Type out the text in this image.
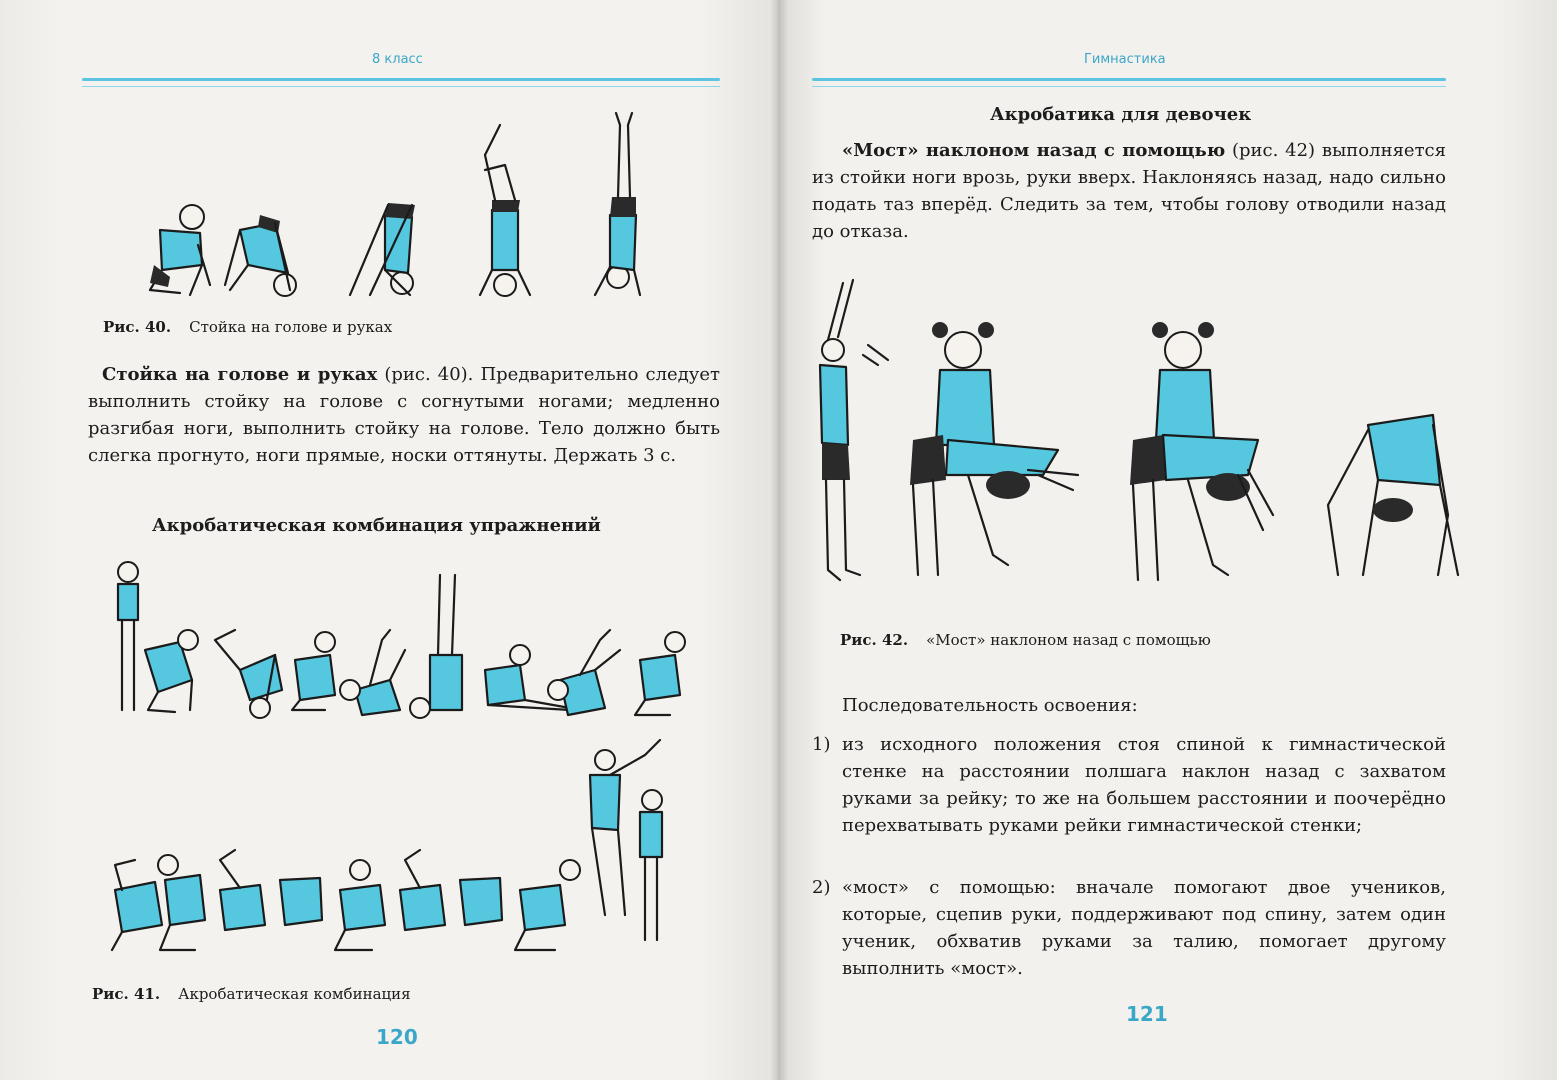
8 класс
Рис. 40. Стойка на голове и руках
Стойка на голове и руках (рис. 40). Предварительно следует выполнить стойку на голове с согнутыми ногами; медленно разгибая ноги, выполнить стойку на голове. Тело должно быть слегка прогнуто, ноги прямые, носки оттянуты. Держать 3 с.
Акробатическая комбинация упражнений
Рис. 41. Акробатическая комбинация
120
Гимнастика
Акробатика для девочек
«Мост» наклоном назад с помощью (рис. 42) выполняется из стойки ноги врозь, руки вверх. Наклоняясь назад, надо сильно подать таз вперёд. Следить за тем, чтобы голову отводили назад до отказа.
Рис. 42. «Мост» наклоном назад с помощью
Последовательность освоения:
1) из исходного положения стоя спиной к гимнастической стенке на расстоянии полшага наклон назад с захватом руками за рейку; то же на большем расстоянии и поочерёдно перехватывать руками рейки гимнастической стенки;
2) «мост» с помощью: вначале помогают двое учеников, которые, сцепив руки, поддерживают под спину, затем один ученик, обхватив руками за талию, помогает другому выполнить «мост».
121
